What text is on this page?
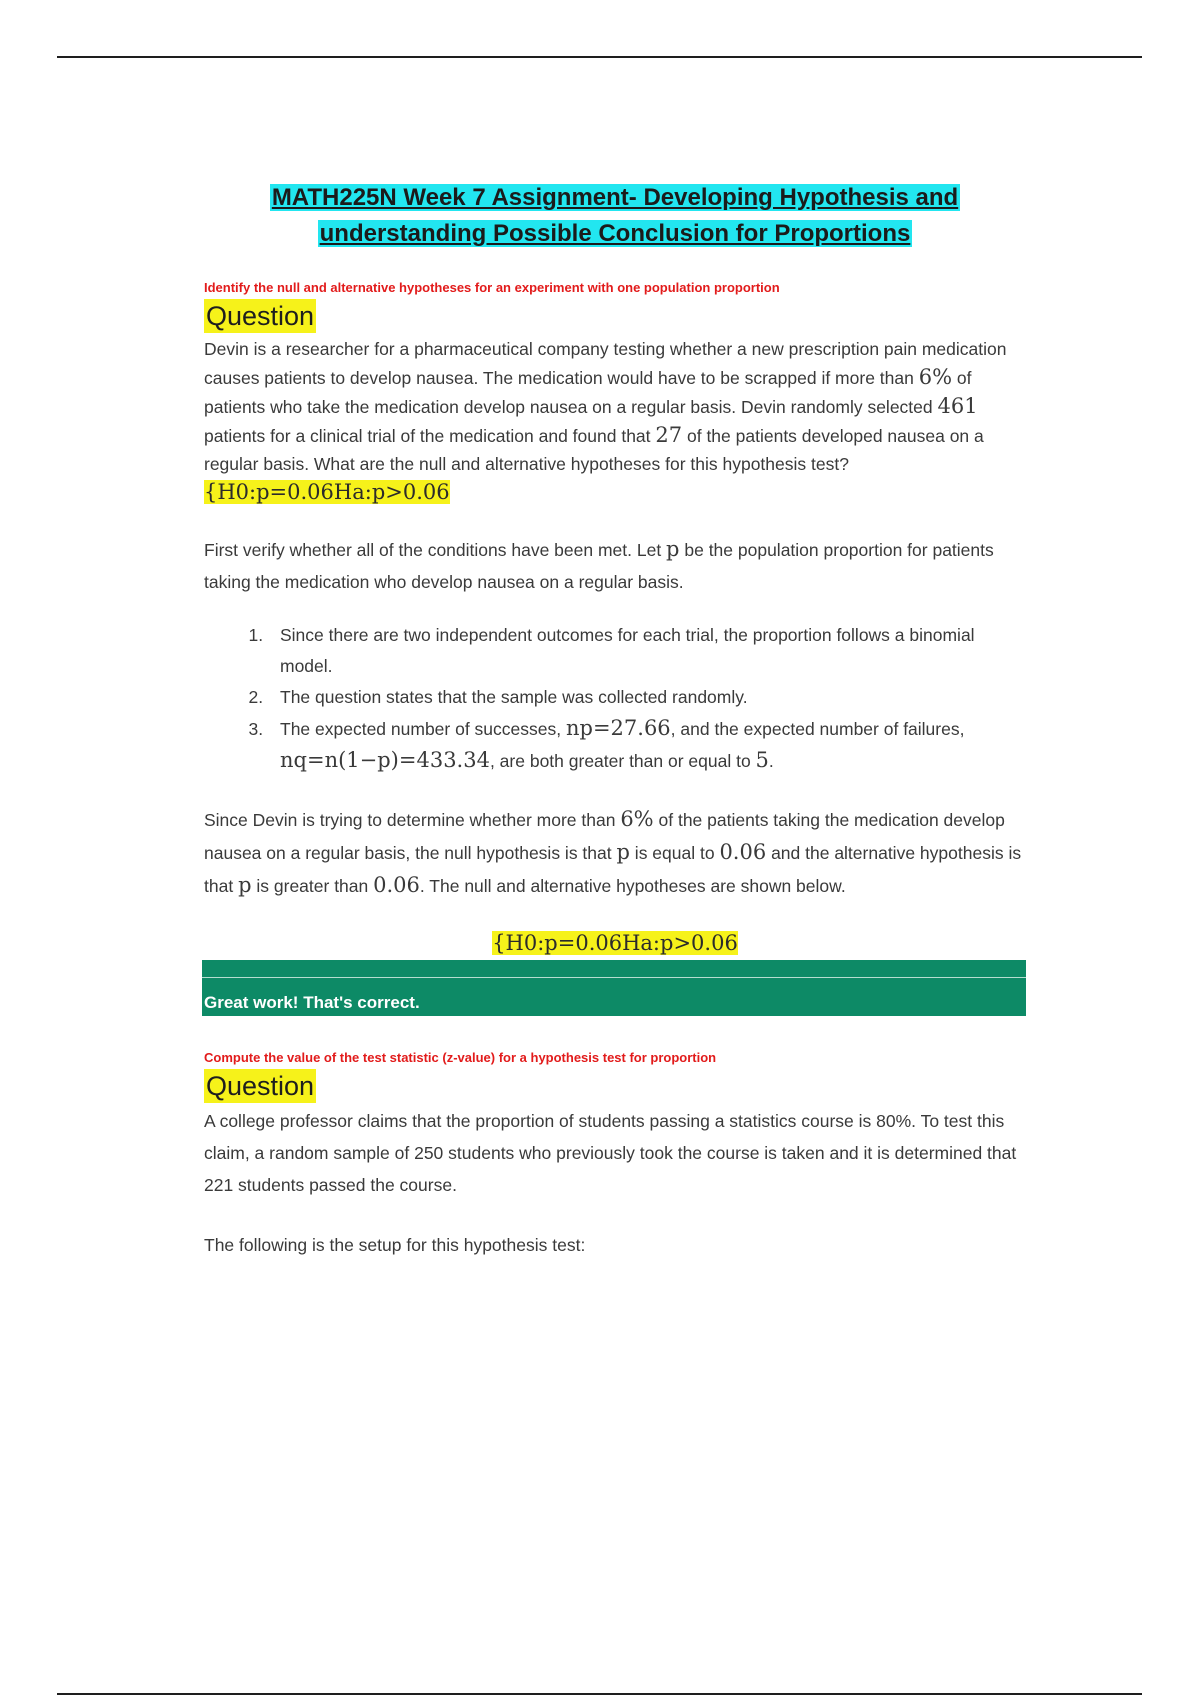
MATH225N Week 7 Assignment- Developing Hypothesis and
understanding Possible Conclusion for Proportions
Identify the null and alternative hypotheses for an experiment with one population proportion
Question

Devin is a researcher for a pharmaceutical company testing whether a new prescription pain medication causes patients to develop nausea. The medication would have to be scrapped if more than 6% of patients who take the medication develop nausea on a regular basis. Devin randomly selected 461 patients for a clinical trial of the medication and found that 27 of the patients developed nausea on a regular basis. What are the null and alternative hypotheses for this hypothesis test?{H0:p=0.06Ha:p>0.06

First verify whether all of the conditions have been met. Let p be the population proportion for patients taking the medication who develop nausea on a regular basis.

1. Since there are two independent outcomes for each trial, the proportion follows a binomial model.
2. The question states that the sample was collected randomly.
3. The expected number of successes, np=27.66, and the expected number of failures, nq=n(1−p)=433.34, are both greater than or equal to 5.

Since Devin is trying to determine whether more than 6% of the patients taking the medication develop nausea on a regular basis, the null hypothesis is that p is equal to 0.06 and the alternative hypothesis is that p is greater than 0.06. The null and alternative hypotheses are shown below.

{H0:p=0.06Ha:p>0.06
Great work! That's correct.
Compute the value of the test statistic (z-value) for a hypothesis test for proportion
Question

A college professor claims that the proportion of students passing a statistics course is 80%. To test this claim, a random sample of 250 students who previously took the course is taken and it is determined that 221 students passed the course.

The following is the setup for this hypothesis test:
